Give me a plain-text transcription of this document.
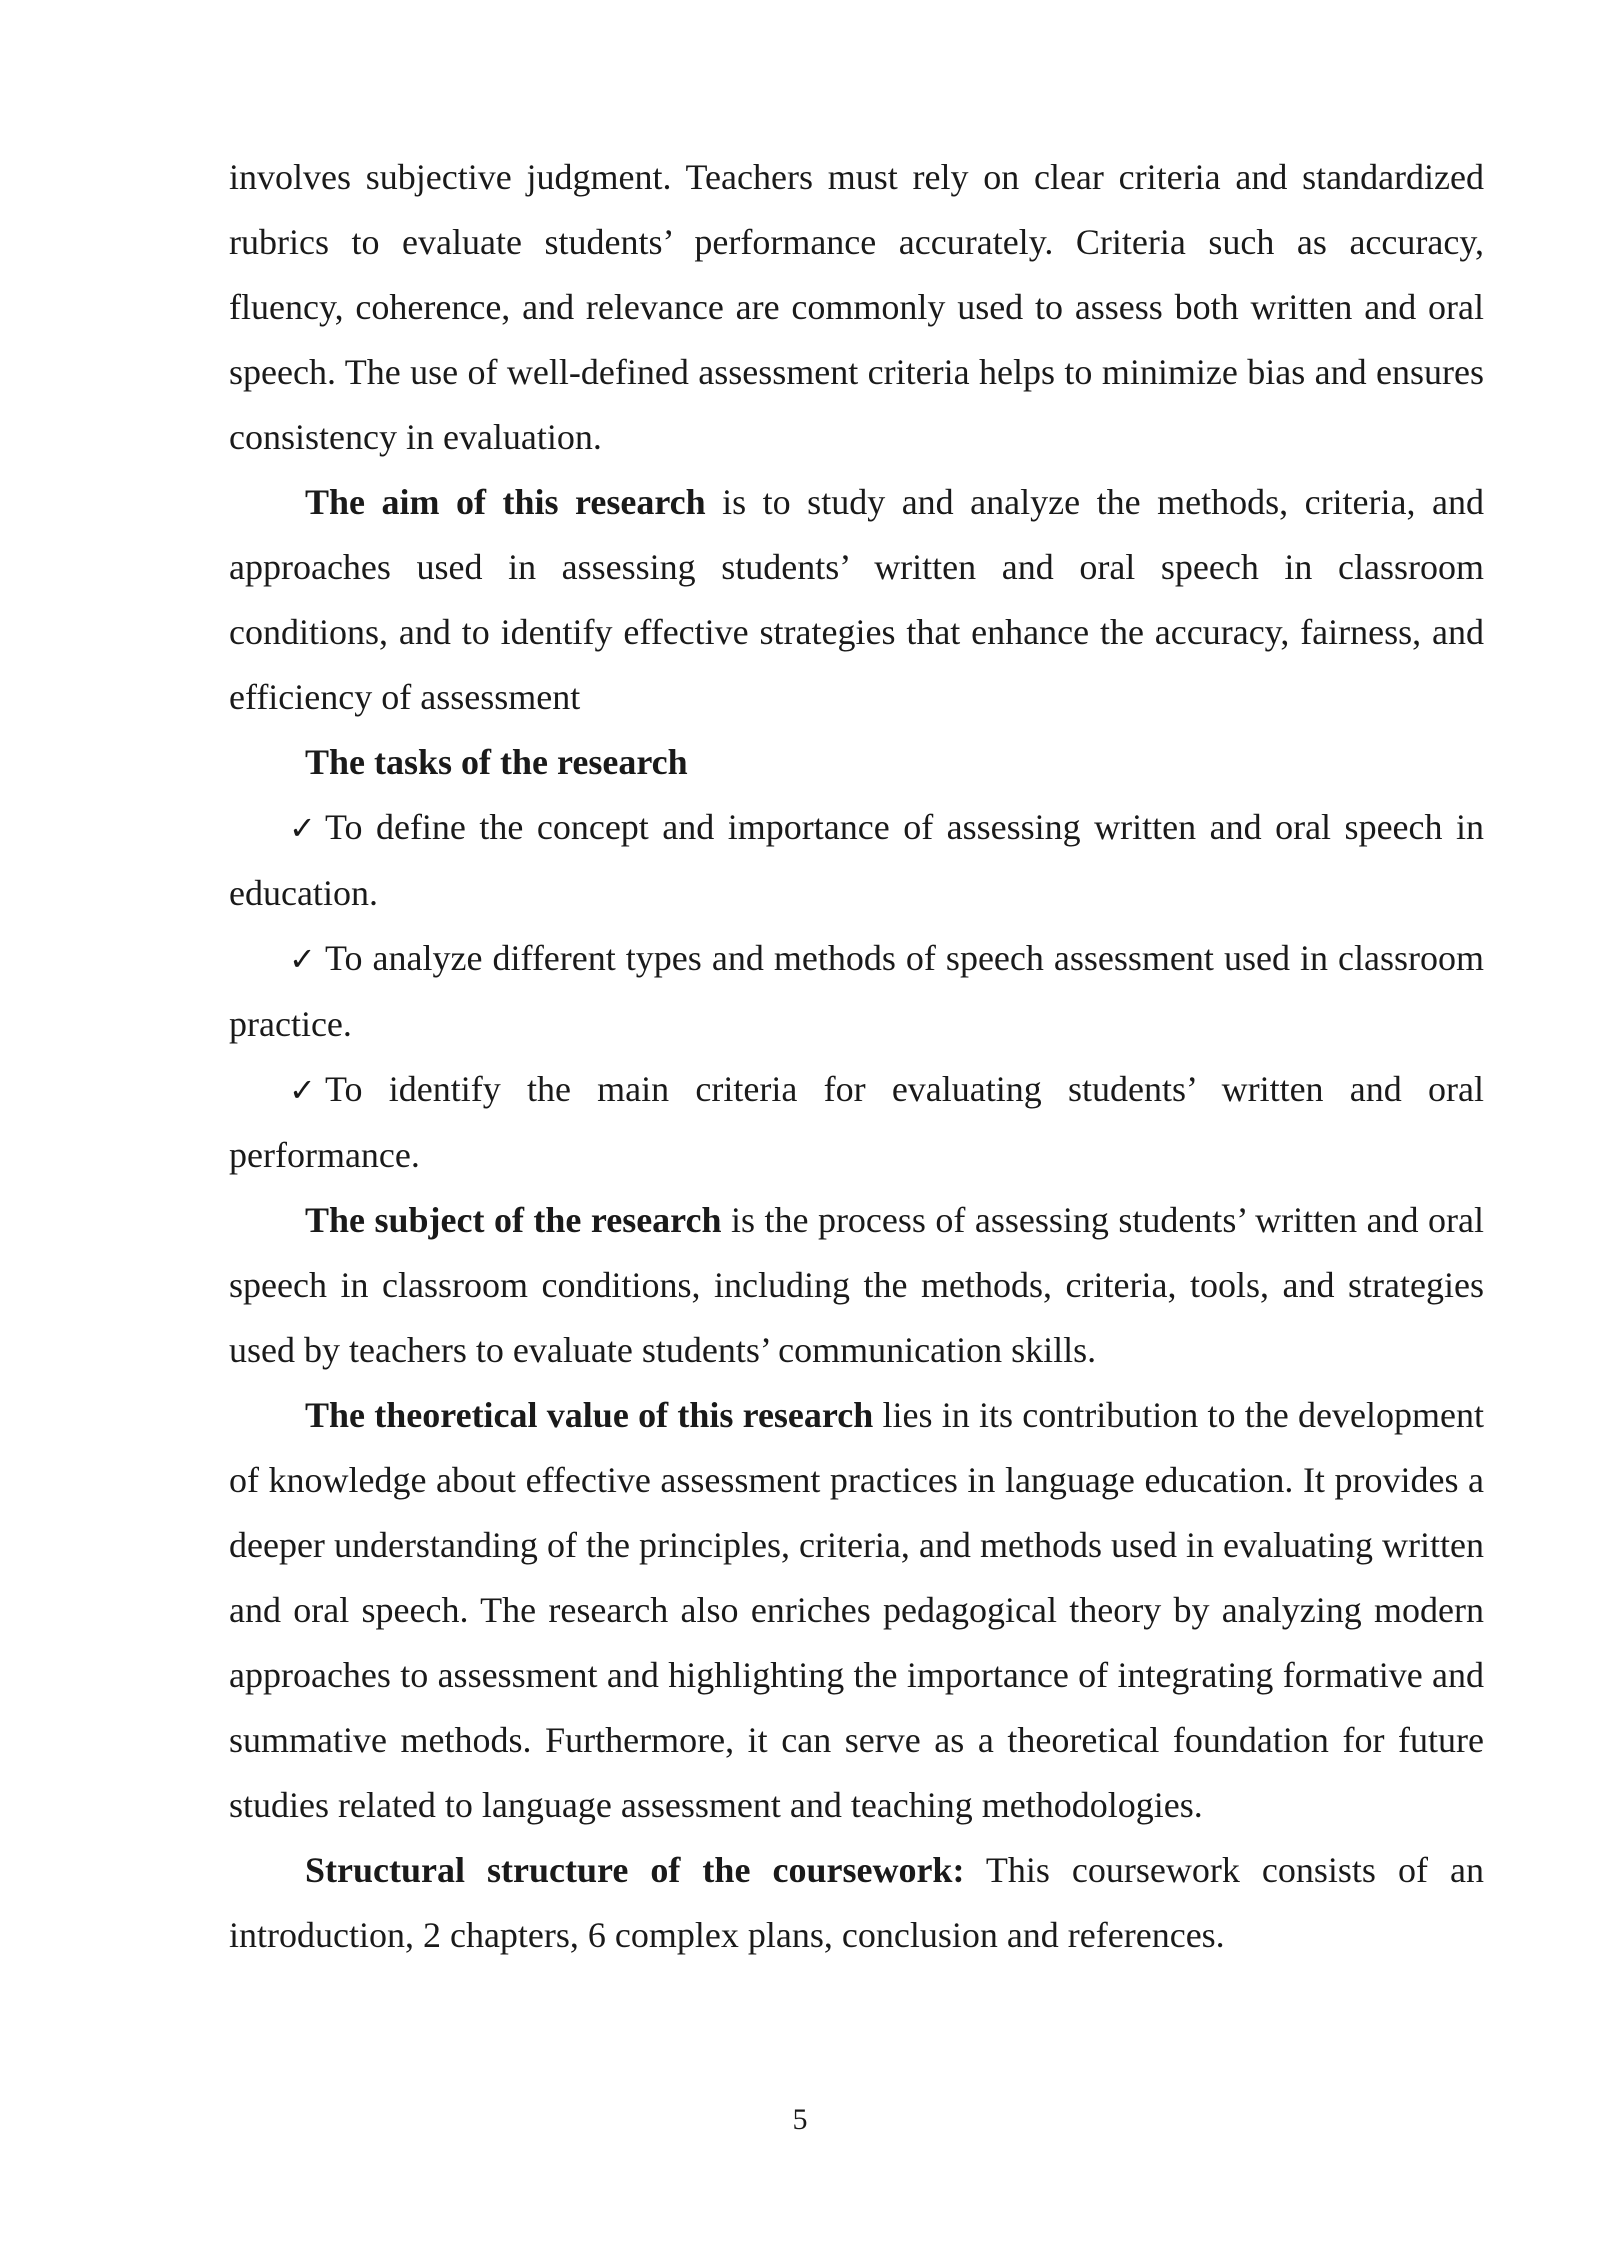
involves subjective judgment. Teachers must rely on clear criteria and standardized rubrics to evaluate students’ performance accurately. Criteria such as accuracy, fluency, coherence, and relevance are commonly used to assess both written and oral speech. The use of well-defined assessment criteria helps to minimize bias and ensures consistency in evaluation.

The aim of this research is to study and analyze the methods, criteria, and approaches used in assessing students’ written and oral speech in classroom conditions, and to identify effective strategies that enhance the accuracy, fairness, and efficiency of assessment

The tasks of the research

✓ To define the concept and importance of assessing written and oral speech in education.

✓ To analyze different types and methods of speech assessment used in classroom practice.

✓ To identify the main criteria for evaluating students’ written and oral performance.

The subject of the research is the process of assessing students’ written and oral speech in classroom conditions, including the methods, criteria, tools, and strategies used by teachers to evaluate students’ communication skills.

The theoretical value of this research lies in its contribution to the development of knowledge about effective assessment practices in language education. It provides a deeper understanding of the principles, criteria, and methods used in evaluating written and oral speech. The research also enriches pedagogical theory by analyzing modern approaches to assessment and highlighting the importance of integrating formative and summative methods. Furthermore, it can serve as a theoretical foundation for future studies related to language assessment and teaching methodologies.

Structural structure of the coursework: This coursework consists of an introduction, 2 chapters, 6 complex plans, conclusion and references.

5
